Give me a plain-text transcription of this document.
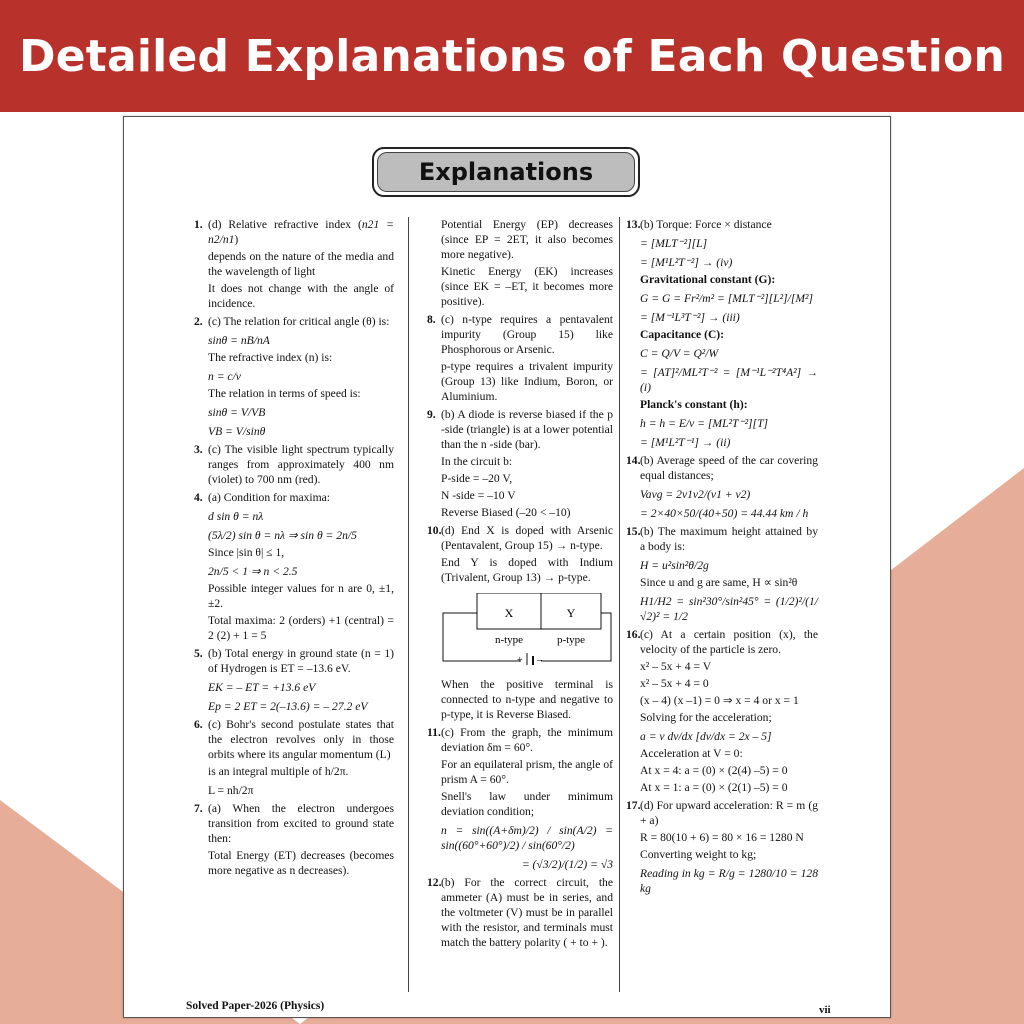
Detailed Explanations of Each Question
Explanations
1. (d) Relative refractive index (n21 = n2/n1)

depends on the nature of the media and the wavelength of light

It does not change with the angle of incidence.

2. (c) The relation for critical angle (θ) is:

sinθ = nB/nA

The refractive index (n) is:

n = c/v

The relation in terms of speed is:

sinθ = V/VB

VB = V/sinθ

3. (c) The visible light spectrum typically ranges from approximately 400 nm (violet) to 700 nm (red).

4. (a) Condition for maxima:

d sin θ = nλ

(5λ/2) sin θ = nλ ⇒ sin θ = 2n/5

Since |sin θ| ≤ 1,

2n/5 < 1 ⇒ n < 2.5

Possible integer values for n are 0, ±1, ±2.

Total maxima: 2 (orders) +1 (central) = 2 (2) + 1 = 5

5. (b) Total energy in ground state (n = 1) of Hydrogen is ET = –13.6 eV.

EK = – ET = +13.6 eV

Ep = 2 ET = 2(–13.6) = – 27.2 eV

6. (c) Bohr's second postulate states that the electron revolves only in those orbits where its angular momentum (L)

is an integral multiple of h/2π.

L = nh/2π

7. (a) When the electron undergoes transition from excited to ground state then:

Total Energy (ET) decreases (becomes more negative as n decreases).

Potential Energy (EP) decreases (since EP = 2ET, it also becomes more negative).

Kinetic Energy (EK) increases (since EK = –ET, it becomes more positive).

8. (c) n-type requires a pentavalent impurity (Group 15) like Phosphorous or Arsenic.

p-type requires a trivalent impurity (Group 13) like Indium, Boron, or Aluminium.

9. (b) A diode is reverse biased if the p -side (triangle) is at a lower potential than the n -side (bar).

In the circuit b:

P-side = –20 V,

N -side = –10 V

Reverse Biased (–20 < –10)

10. (d) End X is doped with Arsenic (Pentavalent, Group 15) → n-type.

End Y is doped with Indium (Trivalent, Group 13) → p-type.

X	Y
n-type	p-type
+ –

When the positive terminal is connected to n-type and negative to p-type, it is Reverse Biased.

11. (c) From the graph, the minimum deviation δm = 60°.

For an equilateral prism, the angle of prism A = 60°.

Snell's law under minimum deviation condition;

n = sin((A+δm)/2) / sin(A/2) = sin((60°+60°)/2) / sin(60°/2)

= (√3/2)/(1/2) = √3

12. (b) For the correct circuit, the ammeter (A) must be in series, and the voltmeter (V) must be in parallel with the resistor, and terminals must match the battery polarity ( + to + ).

13. (b) Torque: Force × distance

= [MLT⁻²][L]

= [M¹L²T⁻²] → (iv)

Gravitational constant (G):

G = G = Fr²/m² = [MLT⁻²][L²]/[M²]

= [M⁻¹L³T⁻²] → (iii)

Capacitance (C):

C = Q/V = Q²/W

= [AT]²/ML²T⁻² = [M⁻¹L⁻²T⁴A²] → (i)

Planck's constant (h):

h = h = E/ν = [ML²T⁻²][T]

= [M¹L²T⁻¹] → (ii)

14. (b) Average speed of the car covering equal distances;

Vavg = 2v1v2/(v1 + v2)

= 2×40×50/(40+50) = 44.44 km / h

15. (b) The maximum height attained by a body is:

H = u²sin²θ/2g

Since u and g are same, H ∝ sin²θ

H1/H2 = sin²30°/sin²45° = (1/2)²/(1/√2)² = 1/2

16. (c) At a certain position (x), the velocity of the particle is zero.

x² – 5x + 4 = V

x² – 5x + 4 = 0

(x – 4) (x –1) = 0 ⇒ x = 4 or x = 1

Solving for the acceleration;

a = v dv/dx [dv/dx = 2x – 5]

Acceleration at V = 0:

At x = 4: a = (0) × (2(4) –5) = 0

At x = 1: a = (0) × (2(1) –5) = 0

17. (d) For upward acceleration: R = m (g + a)

R = 80(10 + 6) = 80 × 16 = 1280 N

Converting weight to kg;

Reading in kg = R/g = 1280/10 = 128 kg

Solved Paper-2026 (Physics)	vii
